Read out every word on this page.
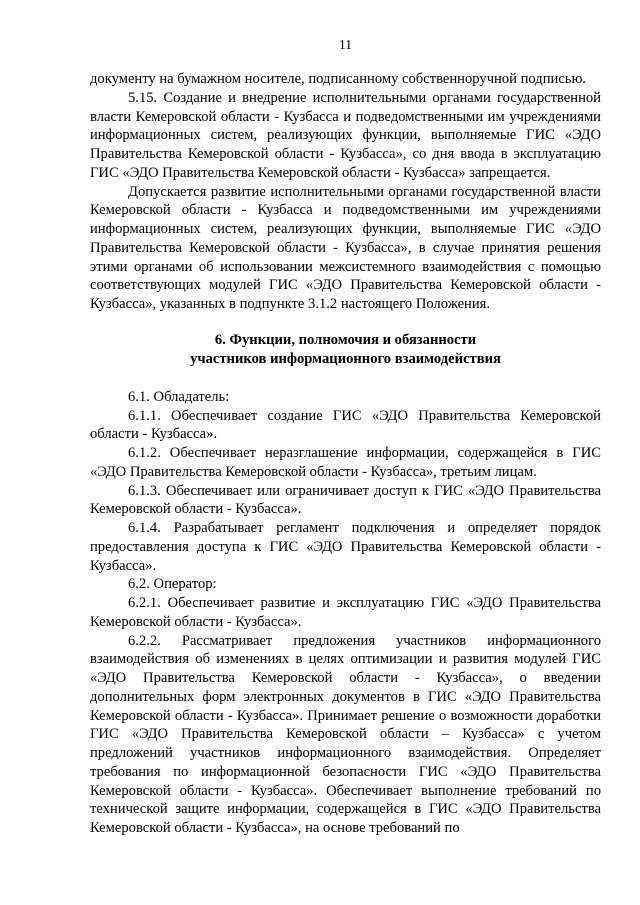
11

документу на бумажном носителе, подписанному собственноручной подписью.

5.15. Создание и внедрение исполнительными органами государственной власти Кемеровской области - Кузбасса и подведомственными им учреждениями информационных систем, реализующих функции, выполняемые ГИС «ЭДО Правительства Кемеровской области - Кузбасса», со дня ввода в эксплуатацию ГИС «ЭДО Правительства Кемеровской области - Кузбасса» запрещается.

Допускается развитие исполнительными органами государственной власти Кемеровской области - Кузбасса и подведомственными им учреждениями информационных систем, реализующих функции, выполняемые ГИС «ЭДО Правительства Кемеровской области - Кузбасса», в случае принятия решения этими органами об использовании межсистемного взаимодействия с помощью соответствующих модулей ГИС «ЭДО Правительства Кемеровской области - Кузбасса», указанных в подпункте 3.1.2 настоящего Положения.

6. Функции, полномочия и обязанности
участников информационного взаимодействия

6.1. Обладатель:

6.1.1. Обеспечивает создание ГИС «ЭДО Правительства Кемеровской области - Кузбасса».

6.1.2. Обеспечивает неразглашение информации, содержащейся в ГИС «ЭДО Правительства Кемеровской области - Кузбасса», третьим лицам.

6.1.3. Обеспечивает или ограничивает доступ к ГИС «ЭДО Правительства Кемеровской области - Кузбасса».

6.1.4. Разрабатывает регламент подключения и определяет порядок предоставления доступа к ГИС «ЭДО Правительства Кемеровской области - Кузбасса».

6.2. Оператор:

6.2.1. Обеспечивает развитие и эксплуатацию ГИС «ЭДО Правительства Кемеровской области - Кузбасса».

6.2.2. Рассматривает предложения участников информационного взаимодействия об изменениях в целях оптимизации и развития модулей ГИС «ЭДО Правительства Кемеровской области - Кузбасса», о введении дополнительных форм электронных документов в ГИС «ЭДО Правительства Кемеровской области - Кузбасса». Принимает решение о возможности доработки ГИС «ЭДО Правительства Кемеровской области – Кузбасса» с учетом предложений участников информационного взаимодействия. Определяет требования по информационной безопасности ГИС «ЭДО Правительства Кемеровской области - Кузбасса». Обеспечивает выполнение требований по технической защите информации, содержащейся в ГИС «ЭДО Правительства Кемеровской области - Кузбасса», на основе требований по
